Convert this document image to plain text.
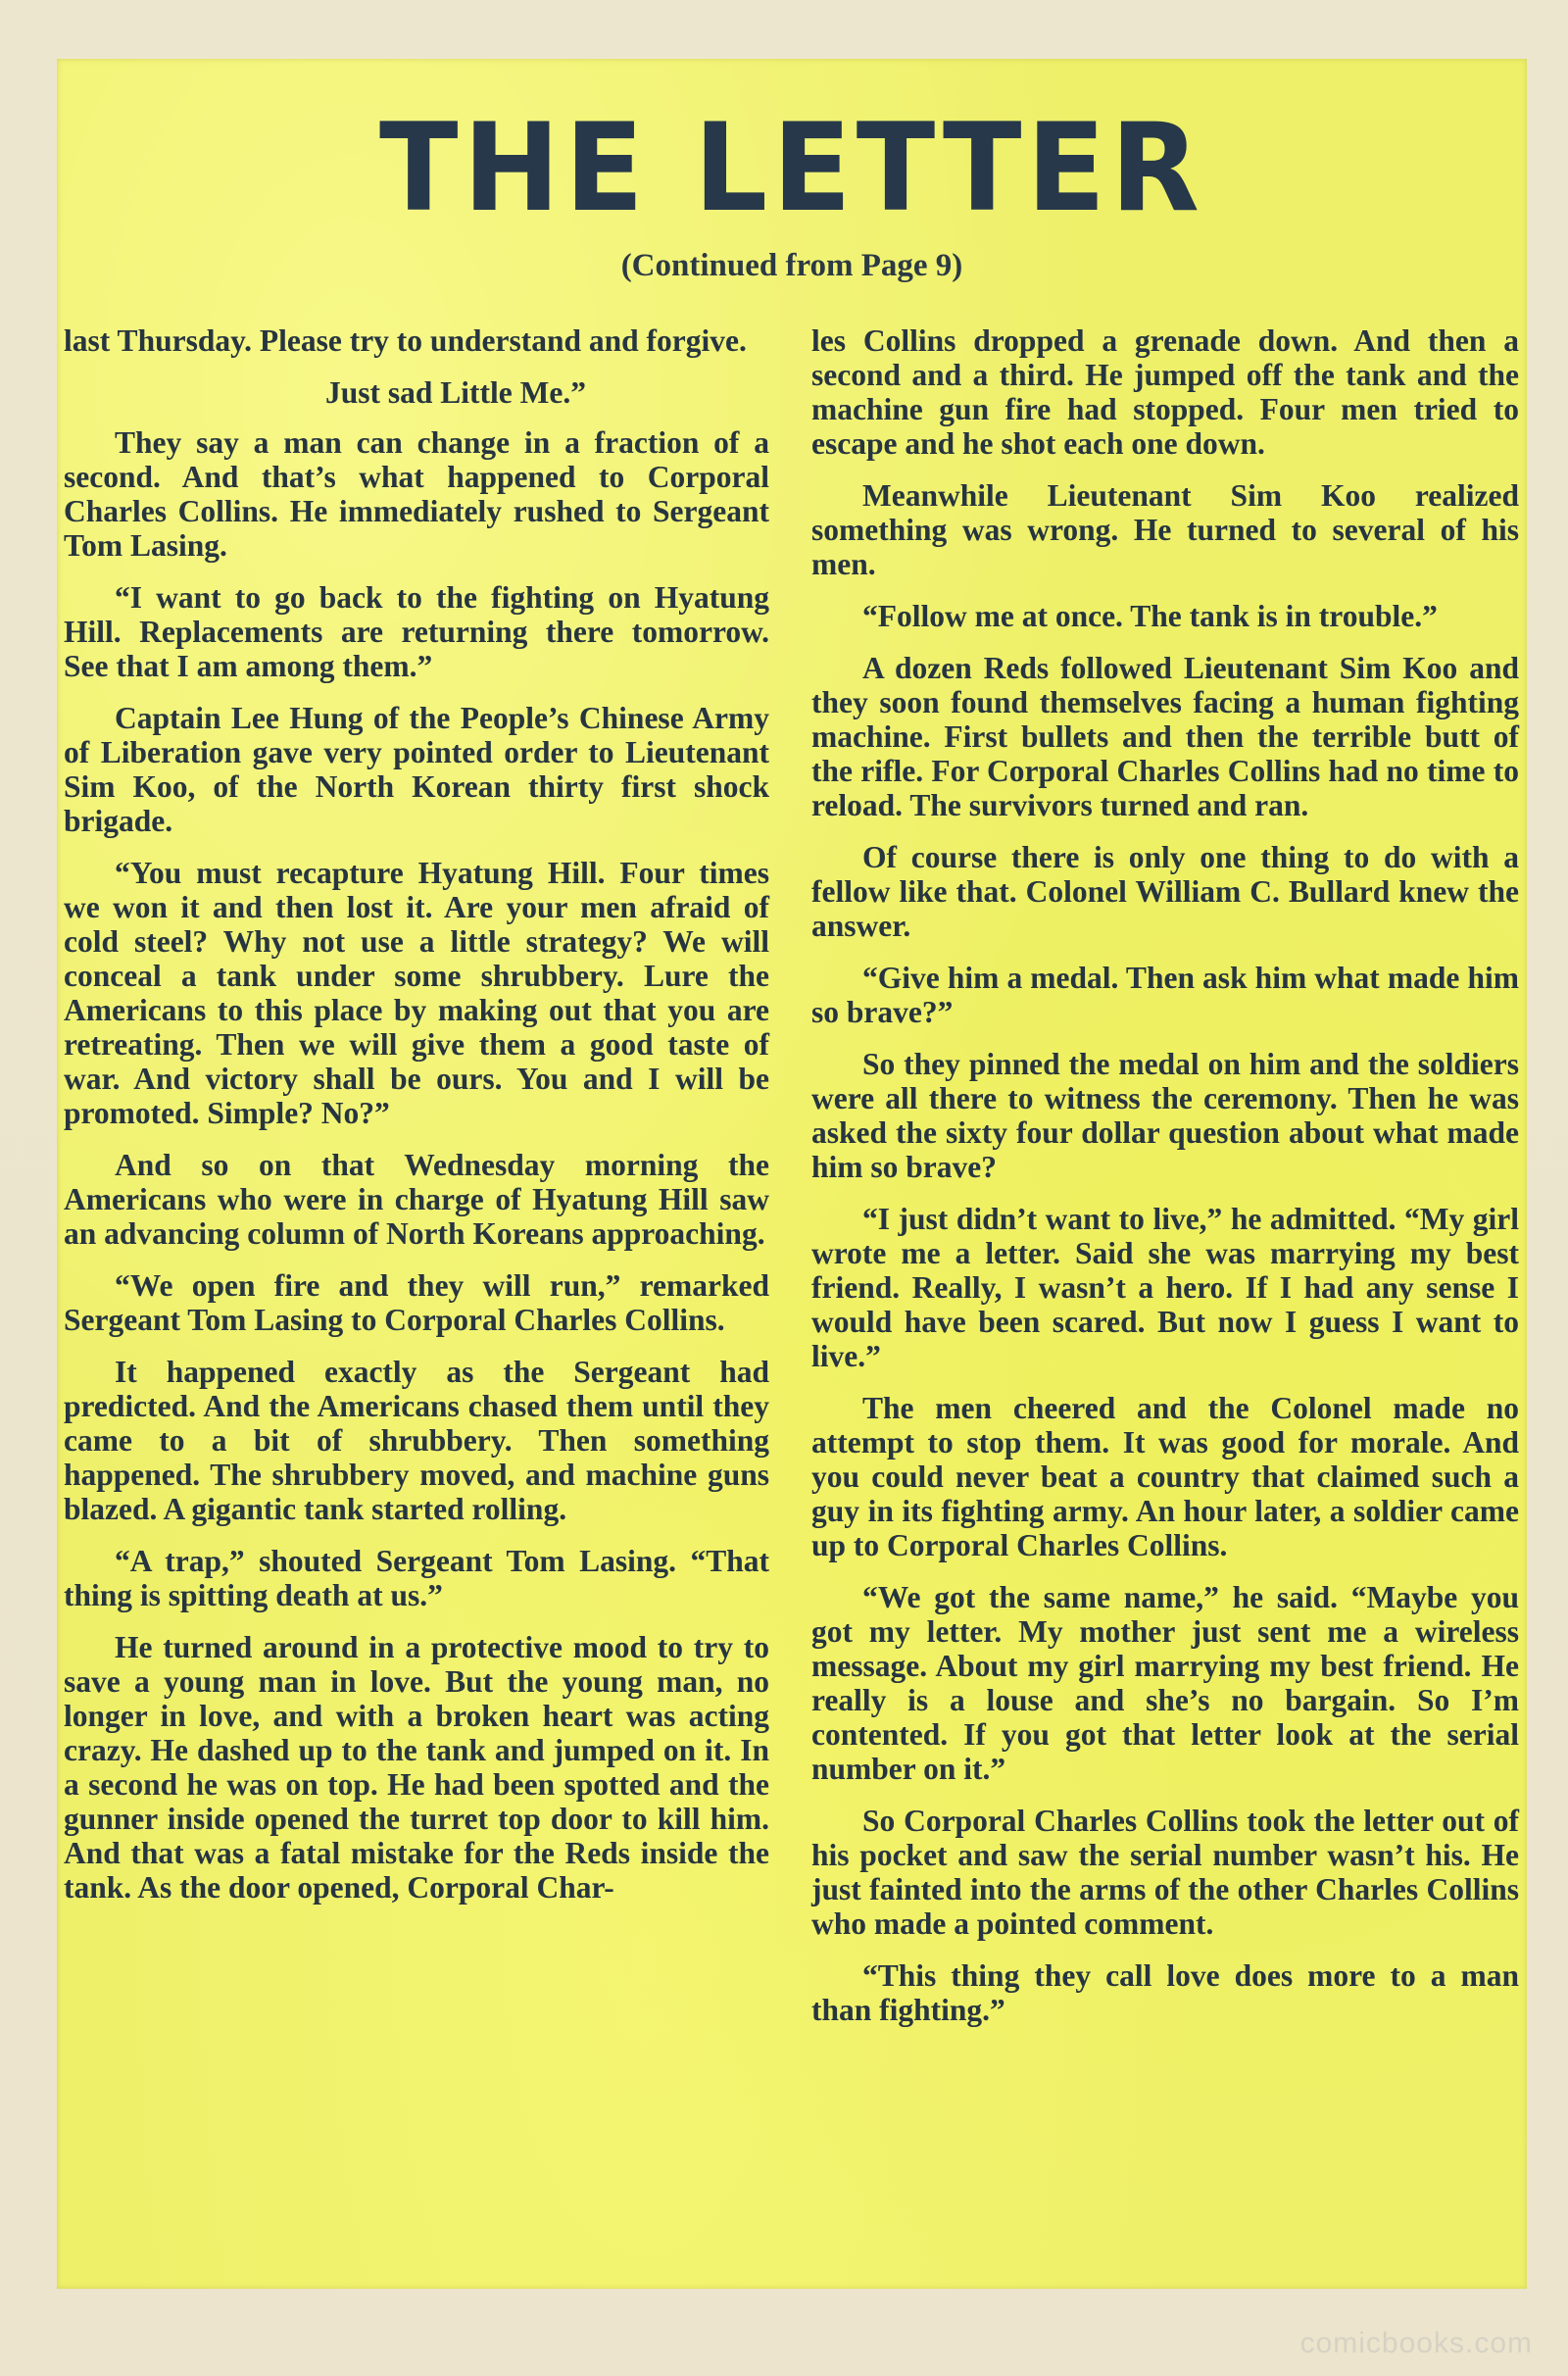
THE LETTER
(Continued from Page 9)

last Thursday. Please try to understand and forgive.

Just sad Little Me.”

They say a man can change in a fraction of a second. And that’s what happened to Corporal Charles Collins. He immediately rushed to Sergeant Tom Lasing.

“I want to go back to the fighting on Hyatung Hill. Replacements are returning there tomorrow. See that I am among them.”

Captain Lee Hung of the People’s Chinese Army of Liberation gave very pointed order to Lieutenant Sim Koo, of the North Korean thirty first shock brigade.

“You must recapture Hyatung Hill. Four times we won it and then lost it. Are your men afraid of cold steel? Why not use a little strategy? We will conceal a tank under some shrubbery. Lure the Americans to this place by making out that you are retreating. Then we will give them a good taste of war. And victory shall be ours. You and I will be promoted. Simple? No?”

And so on that Wednesday morning the Americans who were in charge of Hyatung Hill saw an advancing column of North Koreans approaching.

“We open fire and they will run,” remarked Sergeant Tom Lasing to Corporal Charles Collins.

It happened exactly as the Sergeant had predicted. And the Americans chased them until they came to a bit of shrubbery. Then something happened. The shrubbery moved, and machine guns blazed. A gigantic tank started rolling.

“A trap,” shouted Sergeant Tom Lasing. “That thing is spitting death at us.”

He turned around in a protective mood to try to save a young man in love. But the young man, no longer in love, and with a broken heart was acting crazy. He dashed up to the tank and jumped on it. In a second he was on top. He had been spotted and the gunner inside opened the turret top door to kill him. And that was a fatal mistake for the Reds inside the tank. As the door opened, Corporal Char-

les Collins dropped a grenade down. And then a second and a third. He jumped off the tank and the machine gun fire had stopped. Four men tried to escape and he shot each one down.

Meanwhile Lieutenant Sim Koo realized something was wrong. He turned to several of his men.

“Follow me at once. The tank is in trouble.”

A dozen Reds followed Lieutenant Sim Koo and they soon found themselves facing a human fighting machine. First bullets and then the terrible butt of the rifle. For Corporal Charles Collins had no time to reload. The survivors turned and ran.

Of course there is only one thing to do with a fellow like that. Colonel William C. Bullard knew the answer.

“Give him a medal. Then ask him what made him so brave?”

So they pinned the medal on him and the soldiers were all there to witness the ceremony. Then he was asked the sixty four dollar question about what made him so brave?

“I just didn’t want to live,” he admitted. “My girl wrote me a letter. Said she was marrying my best friend. Really, I wasn’t a hero. If I had any sense I would have been scared. But now I guess I want to live.”

The men cheered and the Colonel made no attempt to stop them. It was good for morale. And you could never beat a country that claimed such a guy in its fighting army. An hour later, a soldier came up to Corporal Charles Collins.

“We got the same name,” he said. “Maybe you got my letter. My mother just sent me a wireless message. About my girl marrying my best friend. He really is a louse and she’s no bargain. So I’m contented. If you got that letter look at the serial number on it.”

So Corporal Charles Collins took the letter out of his pocket and saw the serial number wasn’t his. He just fainted into the arms of the other Charles Collins who made a pointed comment.

“This thing they call love does more to a man than fighting.”

comicbooks.com
